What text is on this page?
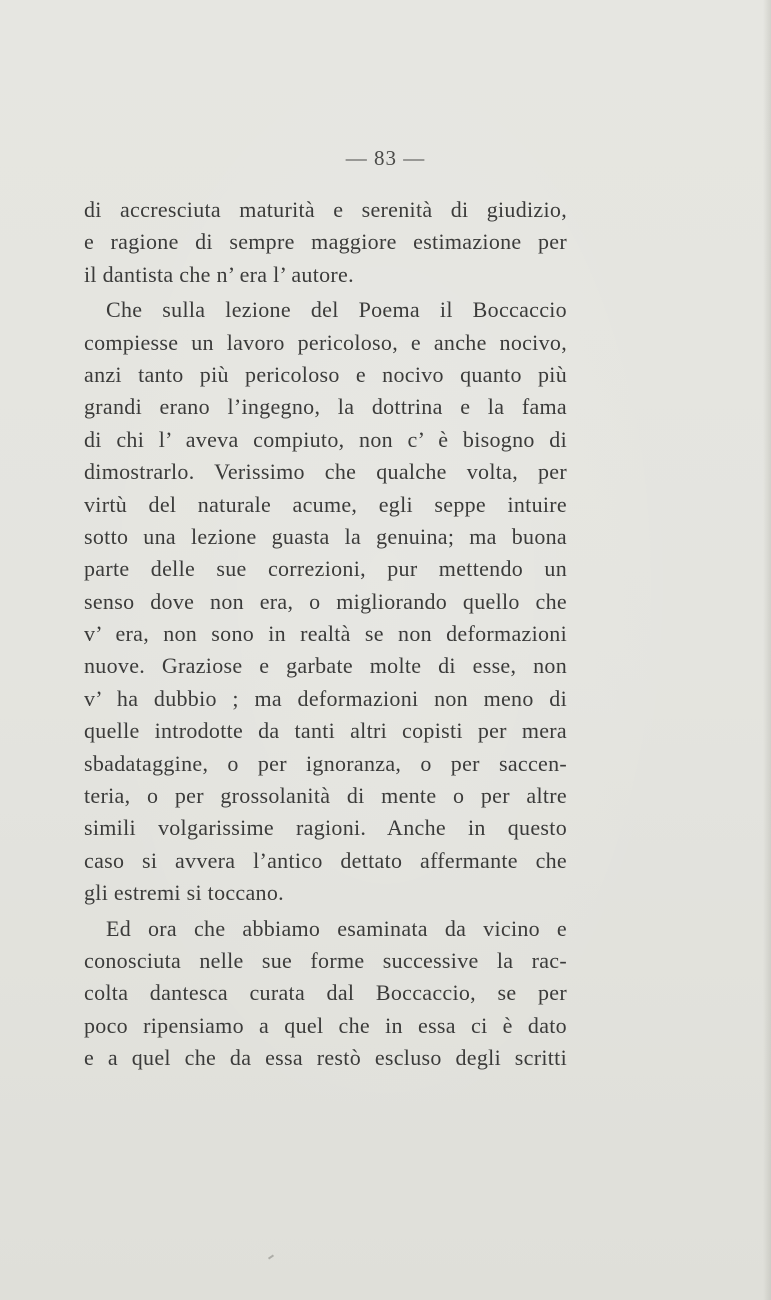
— 83 —
di accresciuta maturità e serenità di giudizio,
e ragione di sempre maggiore estimazione per
il dantista che n’ era l’ autore.
Che sulla lezione del Poema il Boccaccio
compiesse un lavoro pericoloso, e anche nocivo,
anzi tanto più pericoloso e nocivo quanto più
grandi erano l’ingegno, la dottrina e la fama
di chi l’ aveva compiuto, non c’ è bisogno di
dimostrarlo. Verissimo che qualche volta, per
virtù del naturale acume, egli seppe intuire
sotto una lezione guasta la genuina; ma buona
parte delle sue correzioni, pur mettendo un
senso dove non era, o migliorando quello che
v’ era, non sono in realtà se non deformazioni
nuove. Graziose e garbate molte di esse, non
v’ ha dubbio ; ma deformazioni non meno di
quelle introdotte da tanti altri copisti per mera
sbadataggine, o per ignoranza, o per saccen-
teria, o per grossolanità di mente o per altre
simili volgarissime ragioni. Anche in questo
caso si avvera l’antico dettato affermante che
gli estremi si toccano.
Ed ora che abbiamo esaminata da vicino e
conosciuta nelle sue forme successive la rac-
colta dantesca curata dal Boccaccio, se per
poco ripensiamo a quel che in essa ci è dato
e a quel che da essa restò escluso degli scritti
